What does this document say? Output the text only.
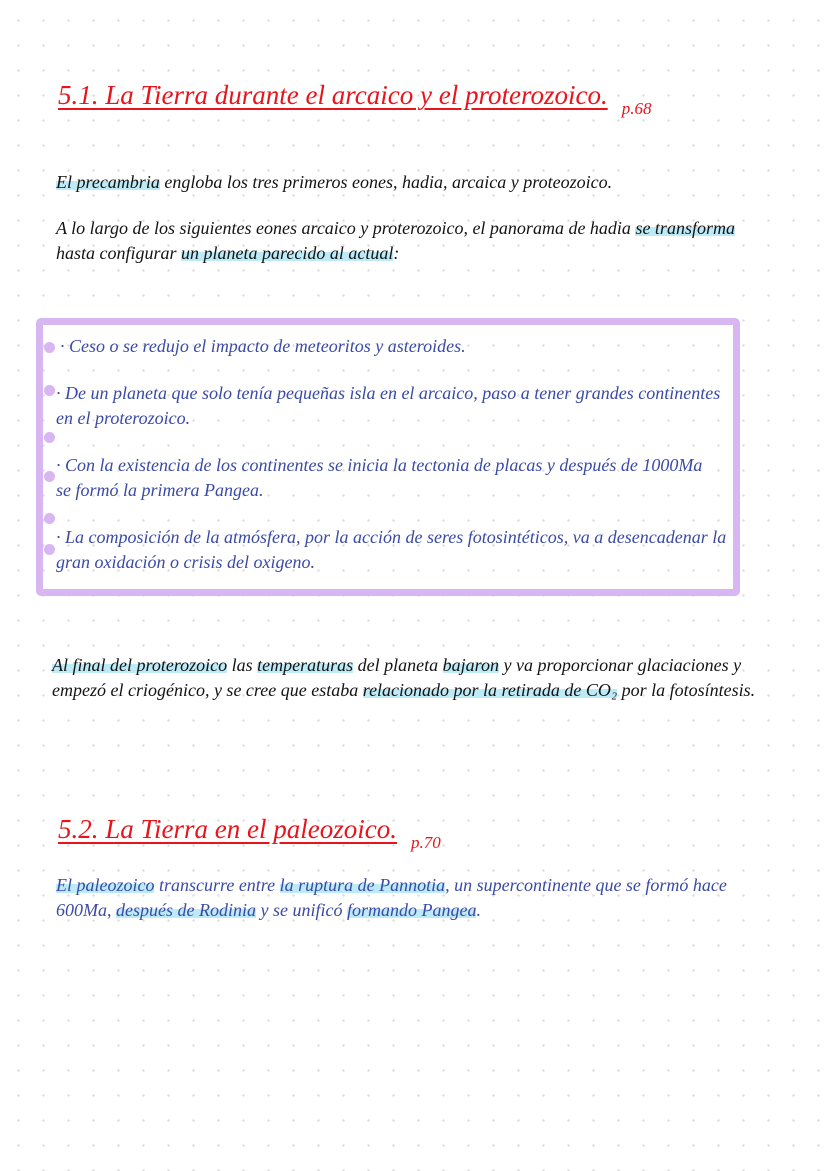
5.1. La Tierra durante el arcaico y el proterozoico. p.68
El precambria engloba los tres primeros eones, hadia, arcaica y proteozoico.
A lo largo de los siguientes eones arcaico y proterozoico, el panorama de hadia se transforma
hasta configurar un planeta parecido al actual:
· Ceso o se redujo el impacto de meteoritos y asteroides.
· De un planeta que solo tenía pequeñas isla en el arcaico, paso a tener grandes continentes
en el proterozoico.
· Con la existencia de los continentes se inicia la tectonia de placas y después de 1000Ma
se formó la primera Pangea.
· La composición de la atmósfera, por la acción de seres fotosintéticos, va a desencadenar la
gran oxidación o crisis del oxigeno.
Al final del proterozoico las temperaturas del planeta bajaron y va proporcionar glaciaciones y
empezó el criogénico, y se cree que estaba relacionado por la retirada de CO₂ por la fotosíntesis.
5.2. La Tierra en el paleozoico. p.70
El paleozoico transcurre entre la ruptura de Pannotia, un supercontinente que se formó hace
600Ma, después de Rodinia y se unificó formando Pangea.
